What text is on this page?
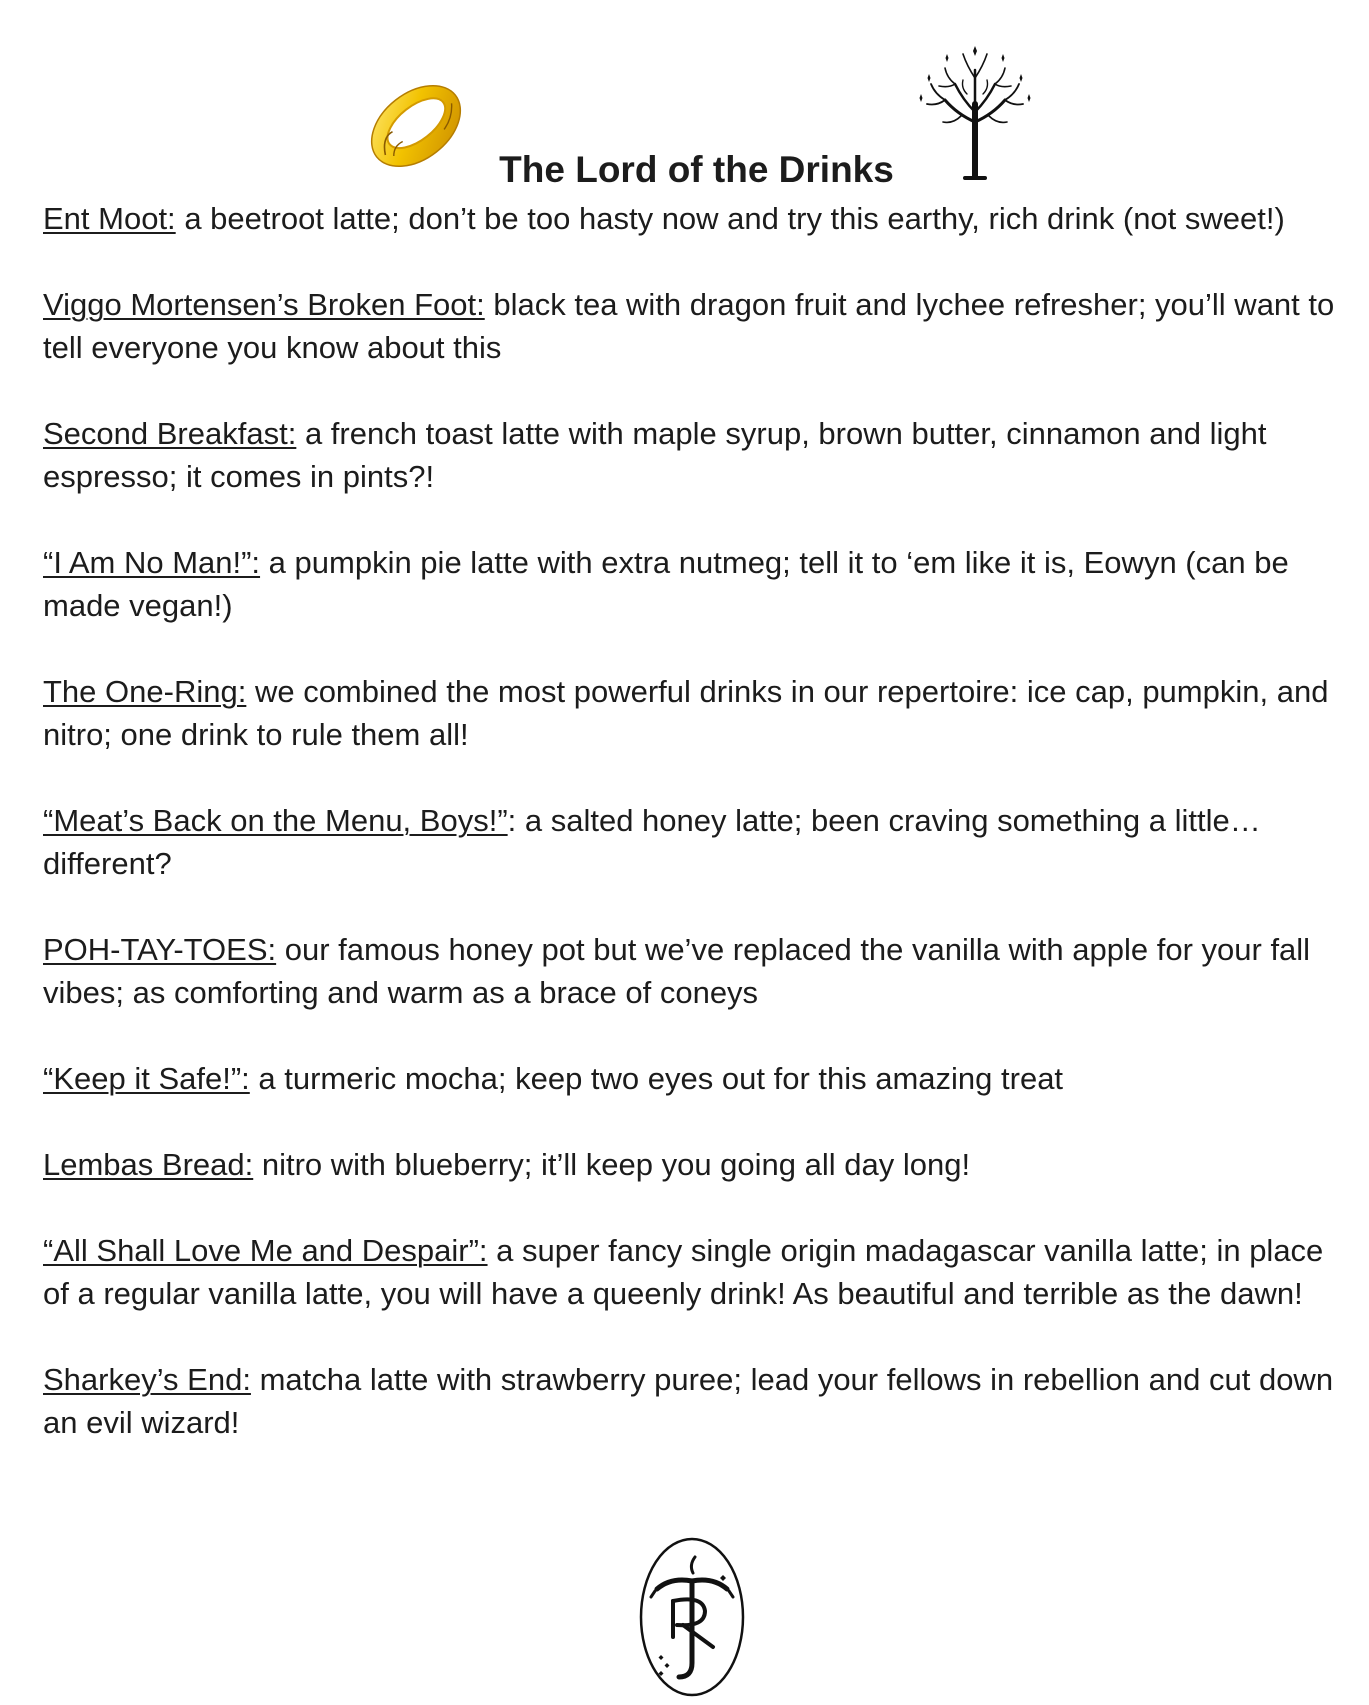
The Lord of the Drinks
Ent Moot: a beetroot latte; don’t be too hasty now and try this earthy, rich drink (not sweet!)
Viggo Mortensen’s Broken Foot: black tea with dragon fruit and lychee refresher; you’ll want to tell everyone you know about this
Second Breakfast: a french toast latte with maple syrup, brown butter, cinnamon and light espresso; it comes in pints?!
“I Am No Man!”: a pumpkin pie latte with extra nutmeg; tell it to ‘em like it is, Eowyn (can be made vegan!)
The One-Ring: we combined the most powerful drinks in our repertoire: ice cap, pumpkin, and nitro; one drink to rule them all!
“Meat’s Back on the Menu, Boys!”: a salted honey latte; been craving something a little…different?
POH-TAY-TOES: our famous honey pot but we’ve replaced the vanilla with apple for your fall vibes; as comforting and warm as a brace of coneys
“Keep it Safe!”: a turmeric mocha; keep two eyes out for this amazing treat
Lembas Bread: nitro with blueberry; it’ll keep you going all day long!
“All Shall Love Me and Despair”: a super fancy single origin madagascar vanilla latte; in place of a regular vanilla latte, you will have a queenly drink! As beautiful and terrible as the dawn!
Sharkey’s End: matcha latte with strawberry puree; lead your fellows in rebellion and cut down an evil wizard!
